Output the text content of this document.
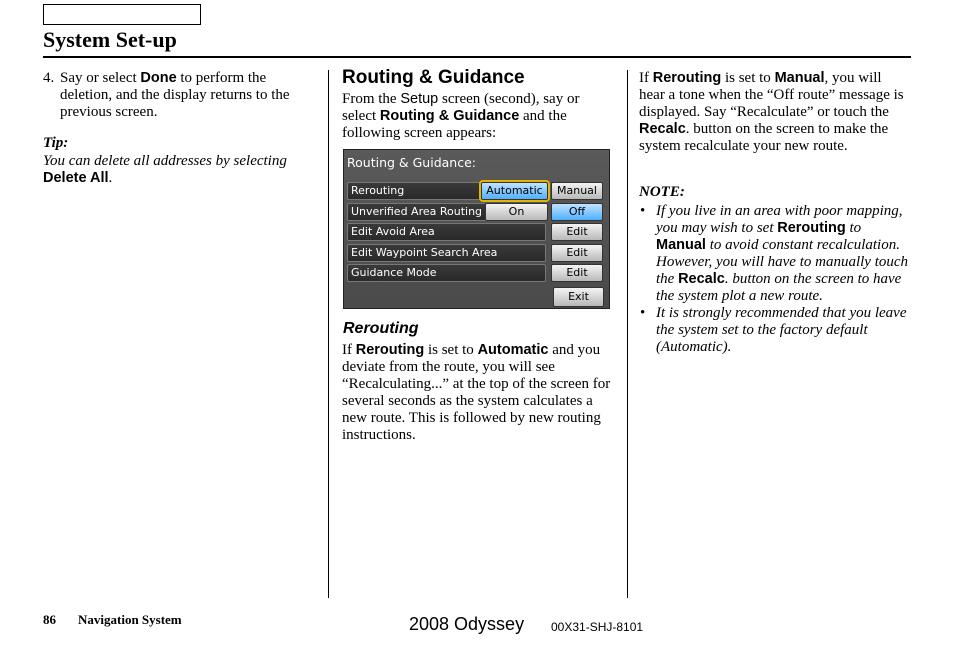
System Set-up
4. Say or select Done to perform the deletion, and the display returns to the previous screen.
Tip:
You can delete all addresses by selecting Delete All.
Routing & Guidance
From the Setup screen (second), say or select Routing & Guidance and the following screen appears:
Routing & Guidance:
Rerouting	Automatic	Manual
Unverified Area Routing	On	Off
Edit Avoid Area	Edit
Edit Waypoint Search Area	Edit
Guidance Mode	Edit
Exit
Rerouting
If Rerouting is set to Automatic and you deviate from the route, you will see “Recalculating...” at the top of the screen for several seconds as the system calculates a new route. This is followed by new routing instructions.
If Rerouting is set to Manual, you will hear a tone when the “Off route” message is displayed. Say “Recalculate” or touch the Recalc. button on the screen to make the system recalculate your new route.
NOTE:
• If you live in an area with poor mapping, you may wish to set Rerouting to Manual to avoid constant recalculation. However, you will have to manually touch the Recalc. button on the screen to have the system plot a new route.
• It is strongly recommended that you leave the system set to the factory default (Automatic).
86 Navigation System	2008 Odyssey 00X31-SHJ-8101
